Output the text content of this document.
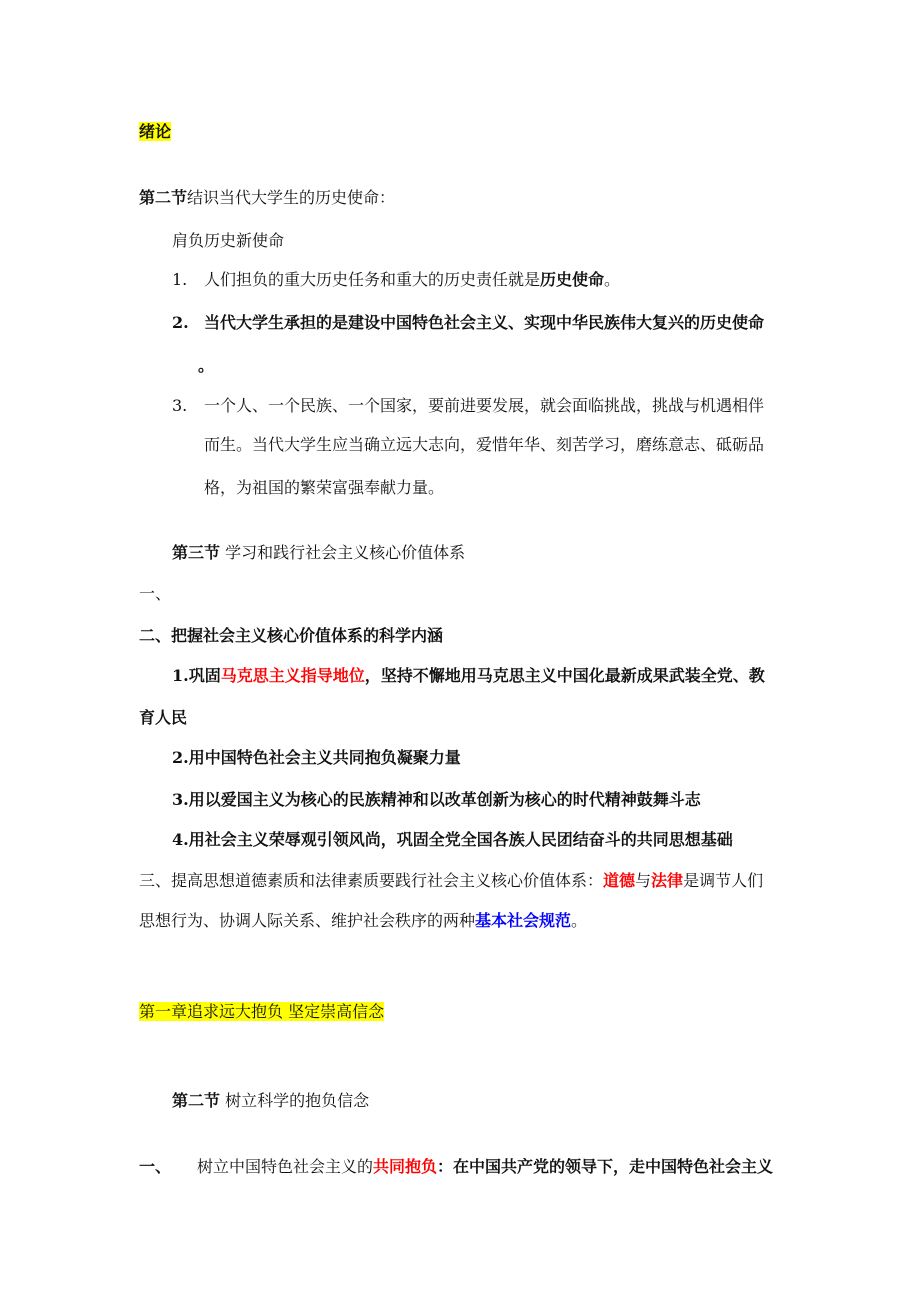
绪论
第二节结识当代大学生的历史使命：
肩负历史新使命
1. 人们担负的重大历史任务和重大的历史责任就是历史使命。
2. 当代大学生承担的是建设中国特色社会主义、实现中华民族伟大复兴的历史使命
。
3. 一个人、一个民族、一个国家，要前进要发展，就会面临挑战，挑战与机遇相伴
而生。当代大学生应当确立远大志向，爱惜年华、刻苦学习，磨练意志、砥砺品
格，为祖国的繁荣富强奉献力量。
第三节 学习和践行社会主义核心价值体系
一、
二、把握社会主义核心价值体系的科学内涵
1.巩固马克思主义指导地位，坚持不懈地用马克思主义中国化最新成果武装全党、教
育人民
2.用中国特色社会主义共同抱负凝聚力量
3.用以爱国主义为核心的民族精神和以改革创新为核心的时代精神鼓舞斗志
4.用社会主义荣辱观引领风尚，巩固全党全国各族人民团结奋斗的共同思想基础
三、提高思想道德素质和法律素质要践行社会主义核心价值体系：道德与法律是调节人们
思想行为、协调人际关系、维护社会秩序的两种基本社会规范。
第一章追求远大抱负 坚定崇高信念
第二节 树立科学的抱负信念
一、 树立中国特色社会主义的共同抱负：在中国共产党的领导下，走中国特色社会主义
